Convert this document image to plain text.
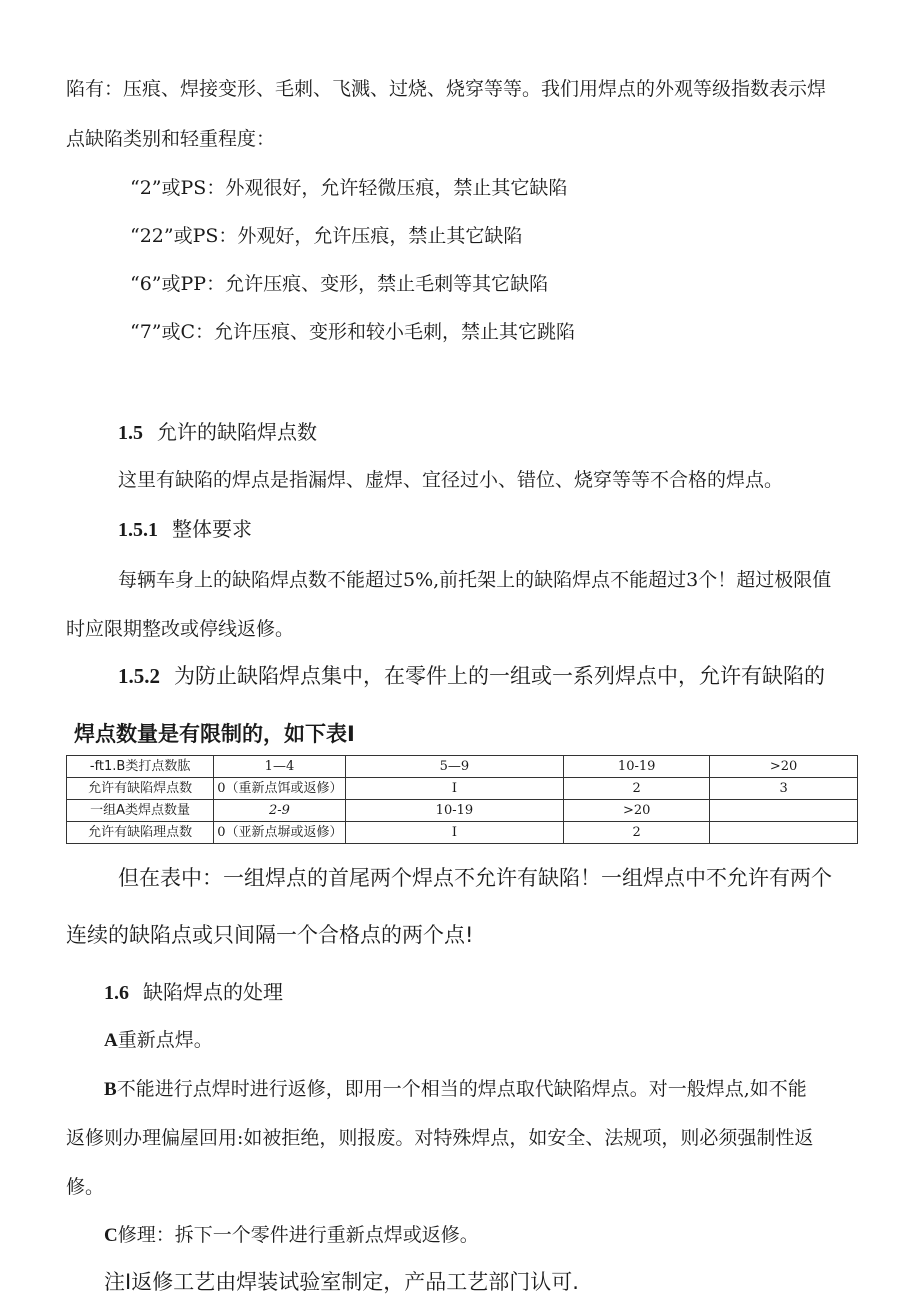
陷有：压痕、焊接变形、毛刺、飞溅、过烧、烧穿等等。我们用焊点的外观等级指数表示焊
点缺陷类别和轻重程度：
“2”或PS：外观很好，允许轻微压痕，禁止其它缺陷
“22”或PS：外观好，允许压痕，禁止其它缺陷
“6”或PP：允许压痕、变形，禁止毛刺等其它缺陷
“7”或C：允许压痕、变形和较小毛刺，禁止其它跳陷
1.5 允许的缺陷焊点数
这里有缺陷的焊点是指漏焊、虚焊、宜径过小、错位、烧穿等等不合格的焊点。
1.5.1 整体要求
每辆车身上的缺陷焊点数不能超过5%,前托架上的缺陷焊点不能超过3个！超过极限值
时应限期整改或停线返修。
1.5.2 为防止缺陷焊点集中，在零件上的一组或一系列焊点中，允许有缺陷的
焊点数量是有限制的，如下表I
-ft1.B类打点数肱	1—4	5—9	10-19	>20
允许有缺陷焊点数	0（重新点饵或返修）	I	2	3
一组A类焊点数量	2-9	10-19	>20	
允许有缺陷理点数	0（亚新点塀或返修）	I	2	
但在表中：一组焊点的首尾两个焊点不允许有缺陷！一组焊点中不允许有两个
连续的缺陷点或只间隔一个合格点的两个点!
1.6 缺陷焊点的处理
A重新点焊。
B不能进行点焊时进行返修，即用一个相当的焊点取代缺陷焊点。对一般焊点,如不能
返修则办理偏屋回用:如被拒绝，则报废。对特殊焊点，如安全、法规项，则必须强制性返
修。
C修理：拆下一个零件进行重新点焊或返修。
注I返修工艺由焊装试验室制定，产品工艺部门认可.
